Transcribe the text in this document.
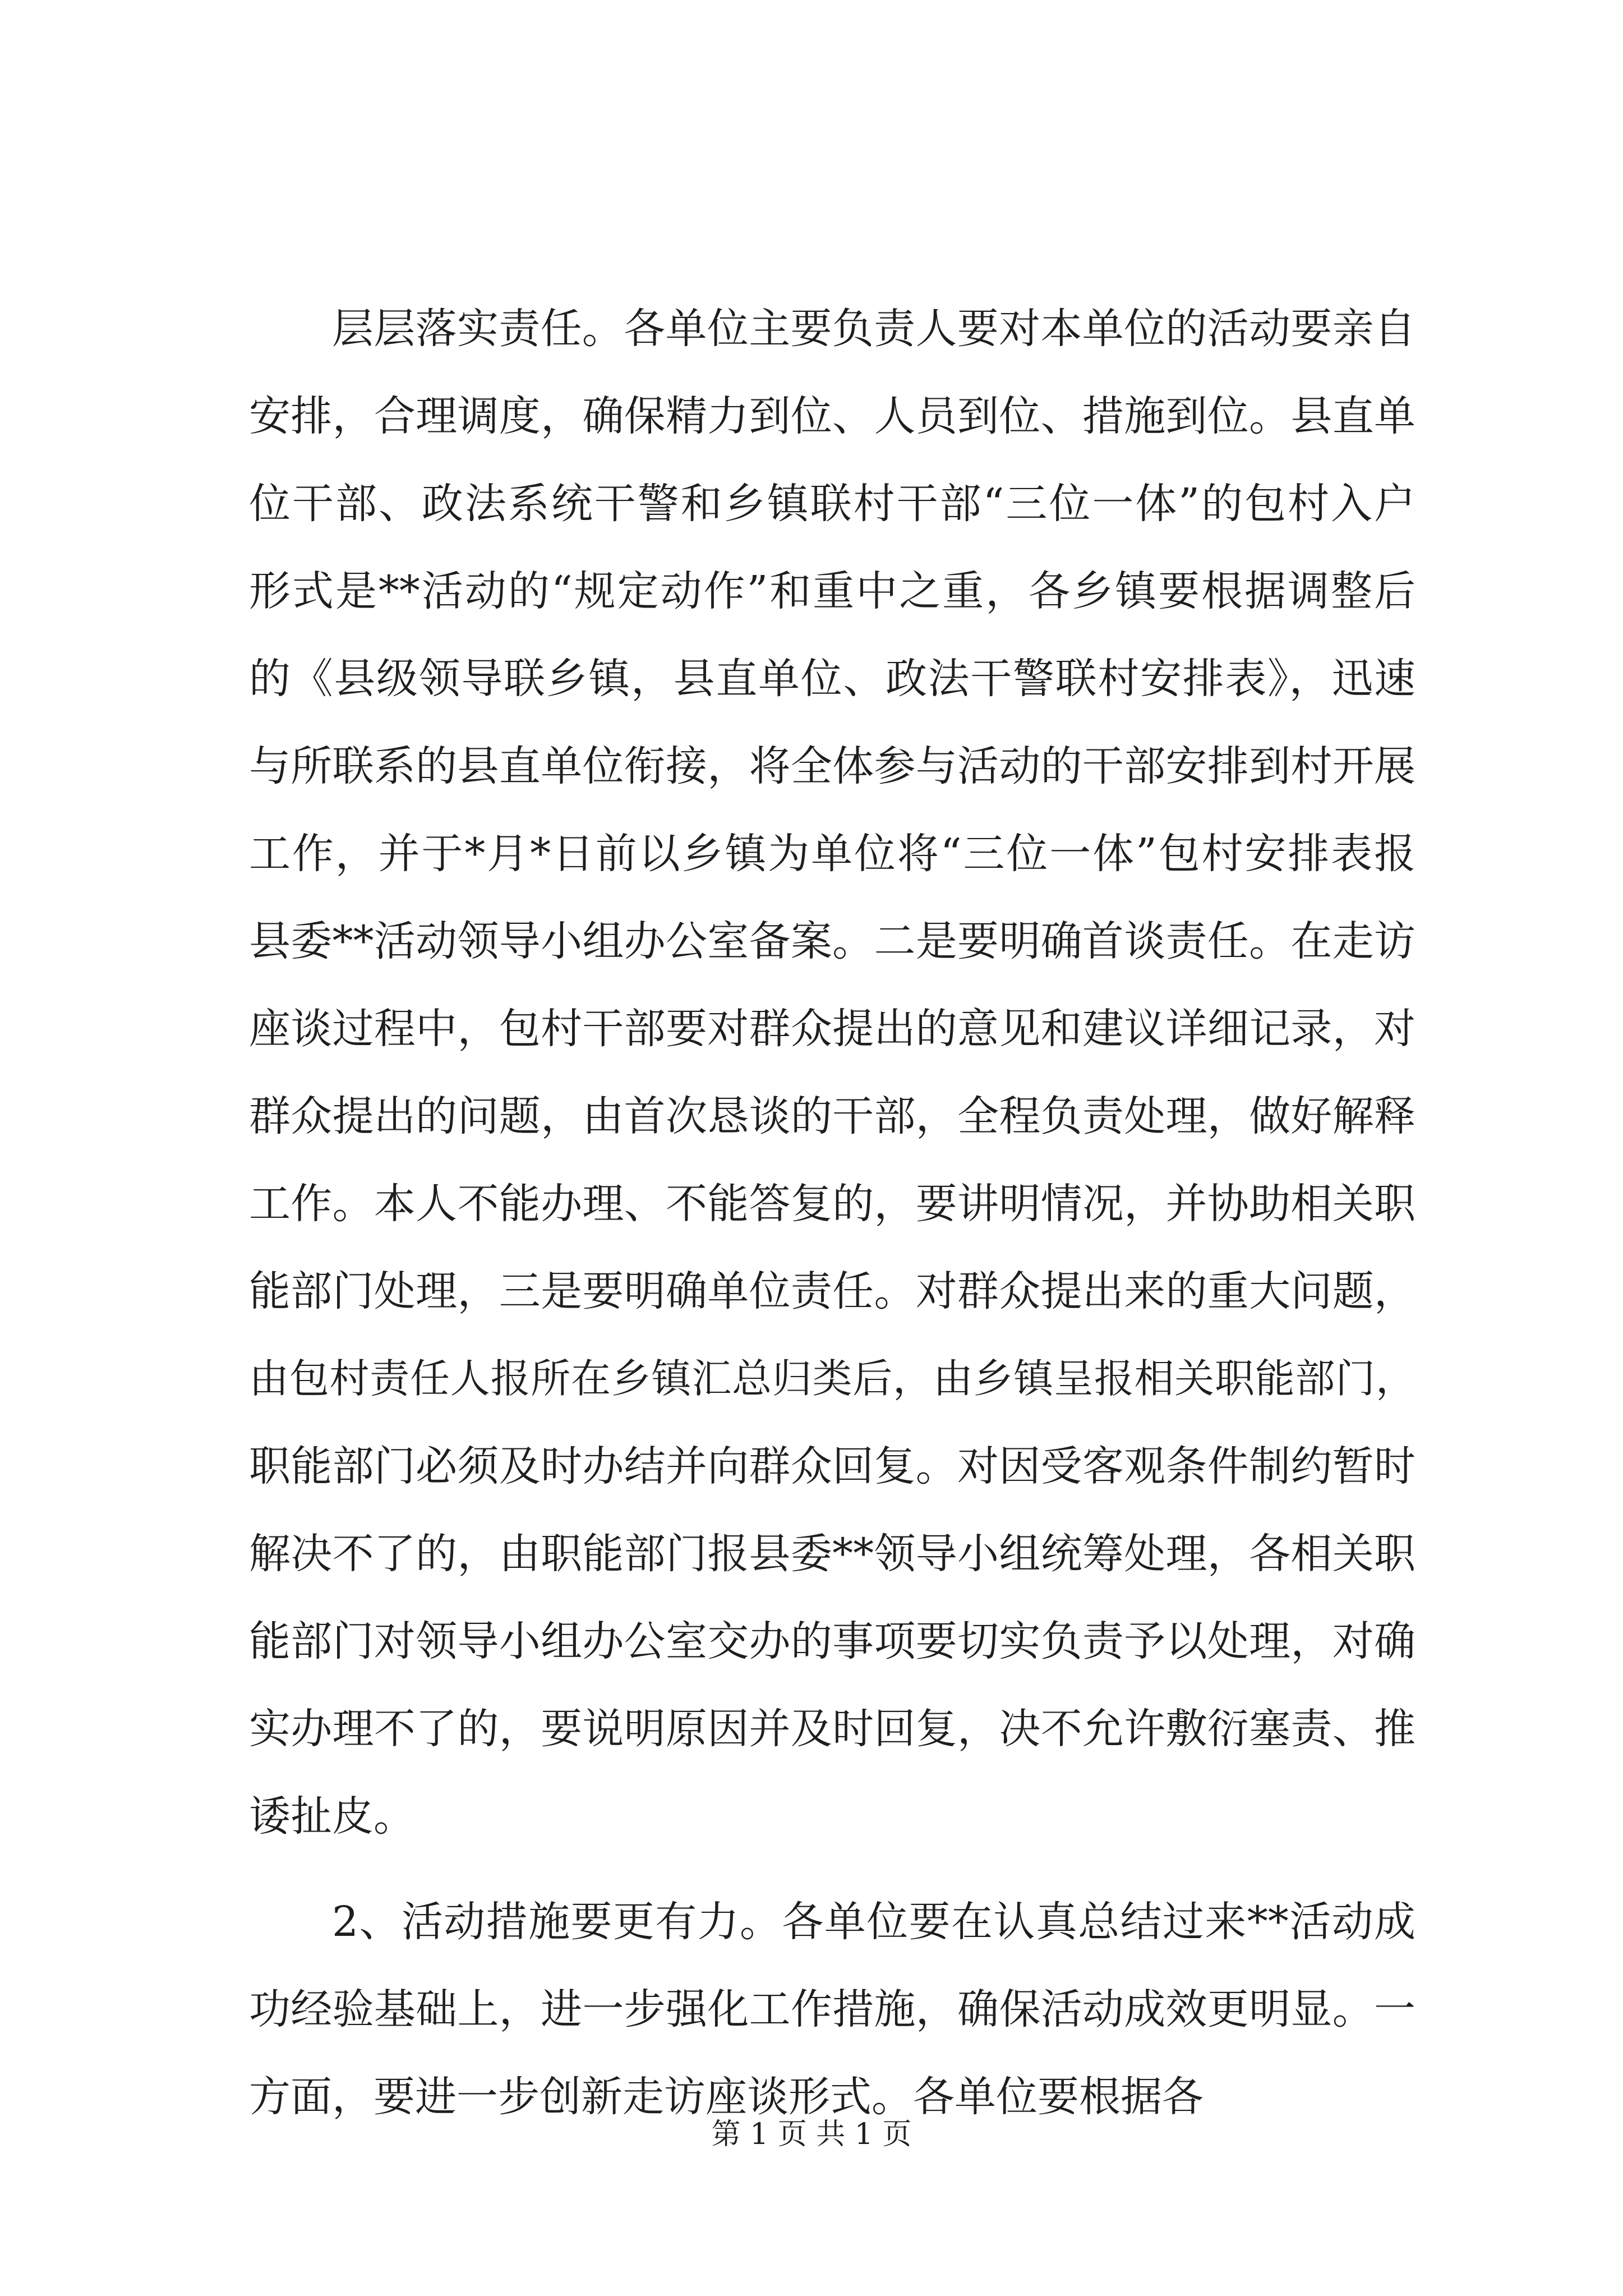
层层落实责任。各单位主要负责人要对本单位的活动要亲自
安排，合理调度，确保精力到位、人员到位、措施到位。县直单
位干部、政法系统干警和乡镇联村干部“三位一体”的包村入户
形式是**活动的“规定动作”和重中之重，各乡镇要根据调整后
的《县级领导联乡镇，县直单位、政法干警联村安排表》，迅速
与所联系的县直单位衔接，将全体参与活动的干部安排到村开展
工作，并于*月*日前以乡镇为单位将“三位一体”包村安排表报
县委**活动领导小组办公室备案。二是要明确首谈责任。在走访
座谈过程中，包村干部要对群众提出的意见和建议详细记录，对
群众提出的问题，由首次恳谈的干部，全程负责处理，做好解释
工作。本人不能办理、不能答复的，要讲明情况，并协助相关职
能部门处理，三是要明确单位责任。对群众提出来的重大问题，
由包村责任人报所在乡镇汇总归类后，由乡镇呈报相关职能部门，
职能部门必须及时办结并向群众回复。对因受客观条件制约暂时
解决不了的，由职能部门报县委**领导小组统筹处理，各相关职
能部门对领导小组办公室交办的事项要切实负责予以处理，对确
实办理不了的，要说明原因并及时回复，决不允许敷衍塞责、推
诿扯皮。
2、活动措施要更有力。各单位要在认真总结过来**活动成
功经验基础上，进一步强化工作措施，确保活动成效更明显。一
方面，要进一步创新走访座谈形式。各单位要根据各
第 1 页 共 1 页
